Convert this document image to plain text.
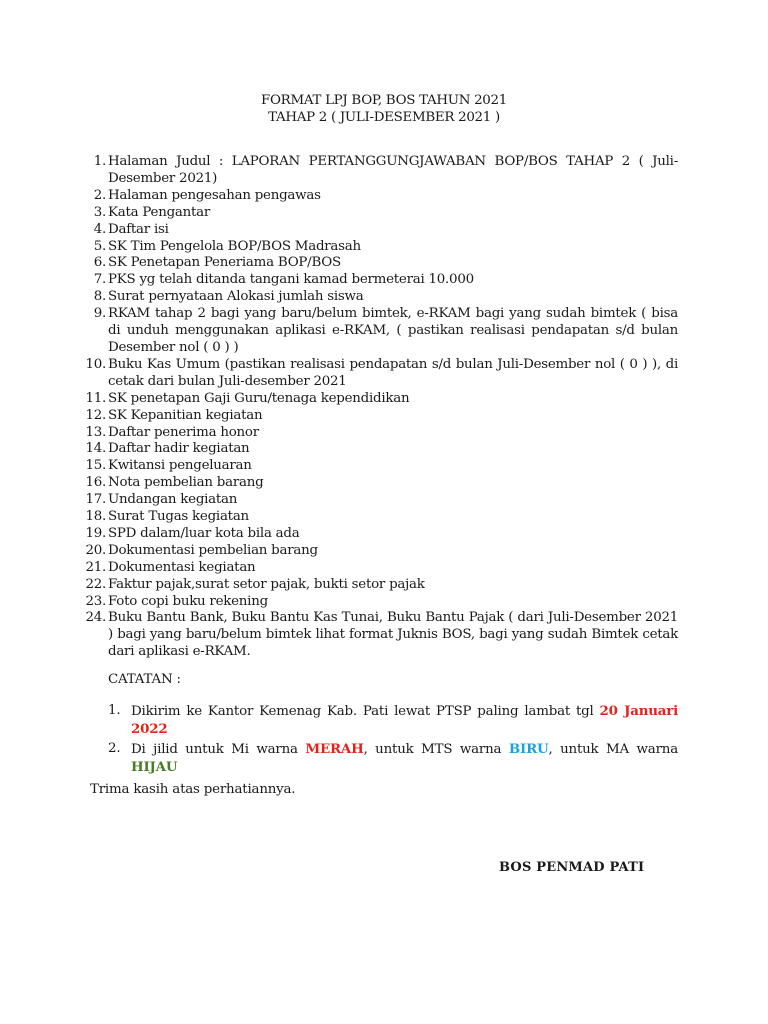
FORMAT LPJ BOP, BOS TAHUN 2021
TAHAP 2 ( JULI-DESEMBER 2021 )
1. Halaman Judul : LAPORAN PERTANGGUNGJAWABAN BOP/BOS TAHAP 2 ( Juli-Desember 2021)
2. Halaman pengesahan pengawas
3. Kata Pengantar
4. Daftar isi
5. SK Tim Pengelola BOP/BOS Madrasah
6. SK Penetapan Peneriama BOP/BOS
7. PKS yg telah ditanda tangani kamad bermeterai 10.000
8. Surat pernyataan Alokasi jumlah siswa
9. RKAM tahap 2 bagi yang baru/belum bimtek, e-RKAM bagi yang sudah bimtek ( bisa di unduh menggunakan aplikasi e-RKAM, ( pastikan realisasi pendapatan s/d bulan Desember nol ( 0 ) )
10. Buku Kas Umum (pastikan realisasi pendapatan s/d bulan Juli-Desember nol ( 0 ) ), di cetak dari bulan Juli-desember 2021
11. SK penetapan Gaji Guru/tenaga kependidikan
12. SK Kepanitian kegiatan
13. Daftar penerima honor
14. Daftar hadir kegiatan
15. Kwitansi pengeluaran
16. Nota pembelian barang
17. Undangan kegiatan
18. Surat Tugas kegiatan
19. SPD dalam/luar kota bila ada
20. Dokumentasi pembelian barang
21. Dokumentasi kegiatan
22. Faktur pajak,surat setor pajak, bukti setor pajak
23. Foto copi buku rekening
24. Buku Bantu Bank, Buku Bantu Kas Tunai, Buku Bantu Pajak ( dari Juli-Desember 2021 ) bagi yang baru/belum bimtek lihat format Juknis BOS, bagi yang sudah Bimtek cetak dari aplikasi e-RKAM.
CATATAN :
1. Dikirim ke Kantor Kemenag Kab. Pati lewat PTSP paling lambat tgl 20 Januari 2022
2. Di jilid untuk Mi warna MERAH, untuk MTS warna BIRU, untuk MA warna HIJAU
Trima kasih atas perhatiannya.
BOS PENMAD PATI
